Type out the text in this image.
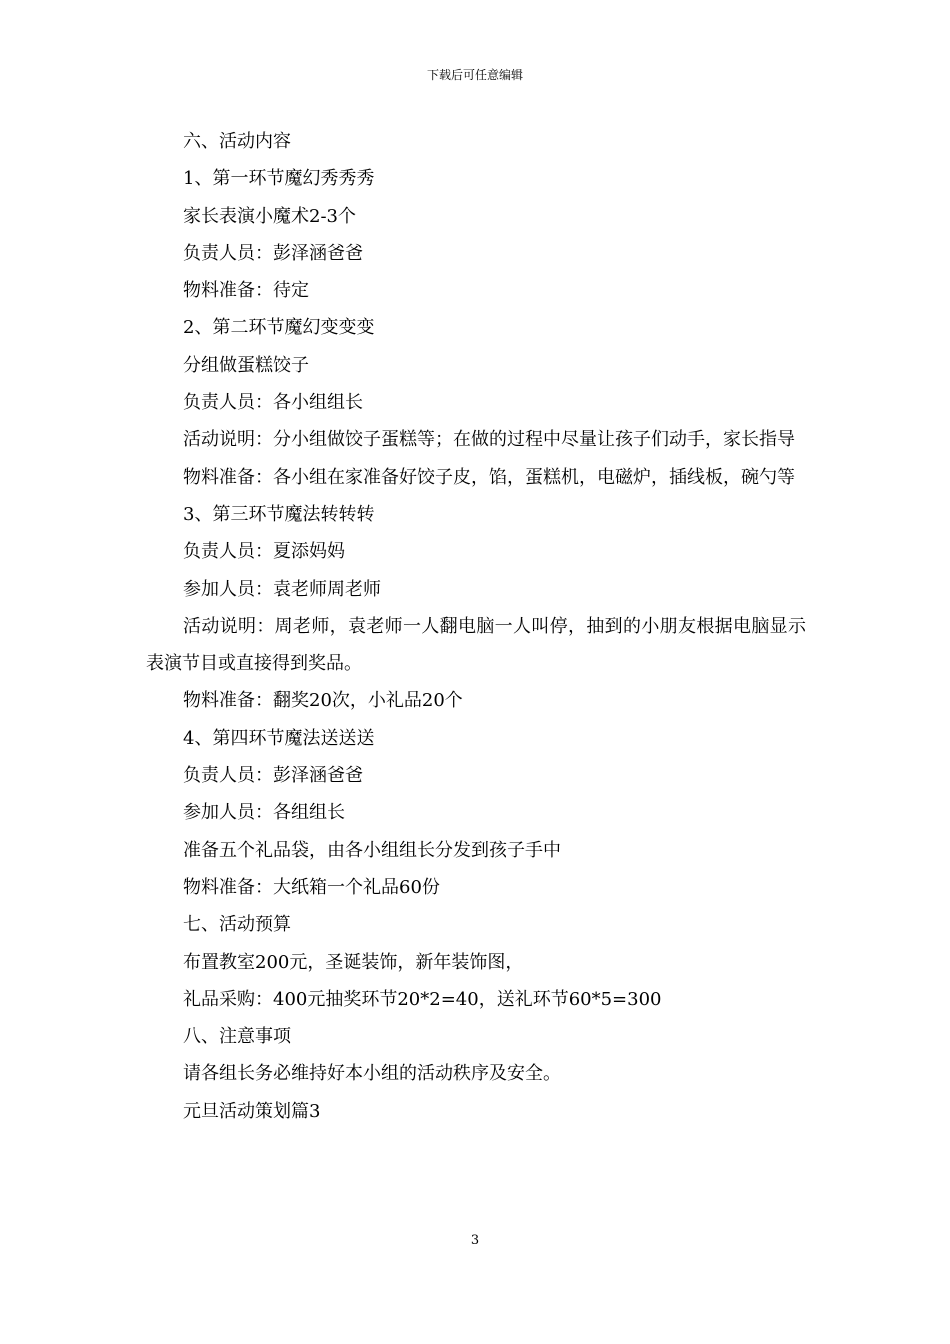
下载后可任意编辑

六、活动内容

1、第一环节魔幻秀秀秀

家长表演小魔术2-3个

负责人员：彭泽涵爸爸

物料准备：待定

2、第二环节魔幻变变变

分组做蛋糕饺子

负责人员：各小组组长

活动说明：分小组做饺子蛋糕等；在做的过程中尽量让孩子们动手，家长指导

物料准备：各小组在家准备好饺子皮，馅，蛋糕机，电磁炉，插线板，碗勺等

3、第三环节魔法转转转

负责人员：夏添妈妈

参加人员：袁老师周老师

活动说明：周老师，袁老师一人翻电脑一人叫停，抽到的小朋友根据电脑显示表演节目或直接得到奖品。

物料准备：翻奖20次，小礼品20个

4、第四环节魔法送送送

负责人员：彭泽涵爸爸

参加人员：各组组长

准备五个礼品袋，由各小组组长分发到孩子手中

物料准备：大纸箱一个礼品60份

七、活动预算

布置教室200元，圣诞装饰，新年装饰图，

礼品采购：400元抽奖环节20*2=40，送礼环节60*5=300

八、注意事项

请各组长务必维持好本小组的活动秩序及安全。

元旦活动策划篇3

3
